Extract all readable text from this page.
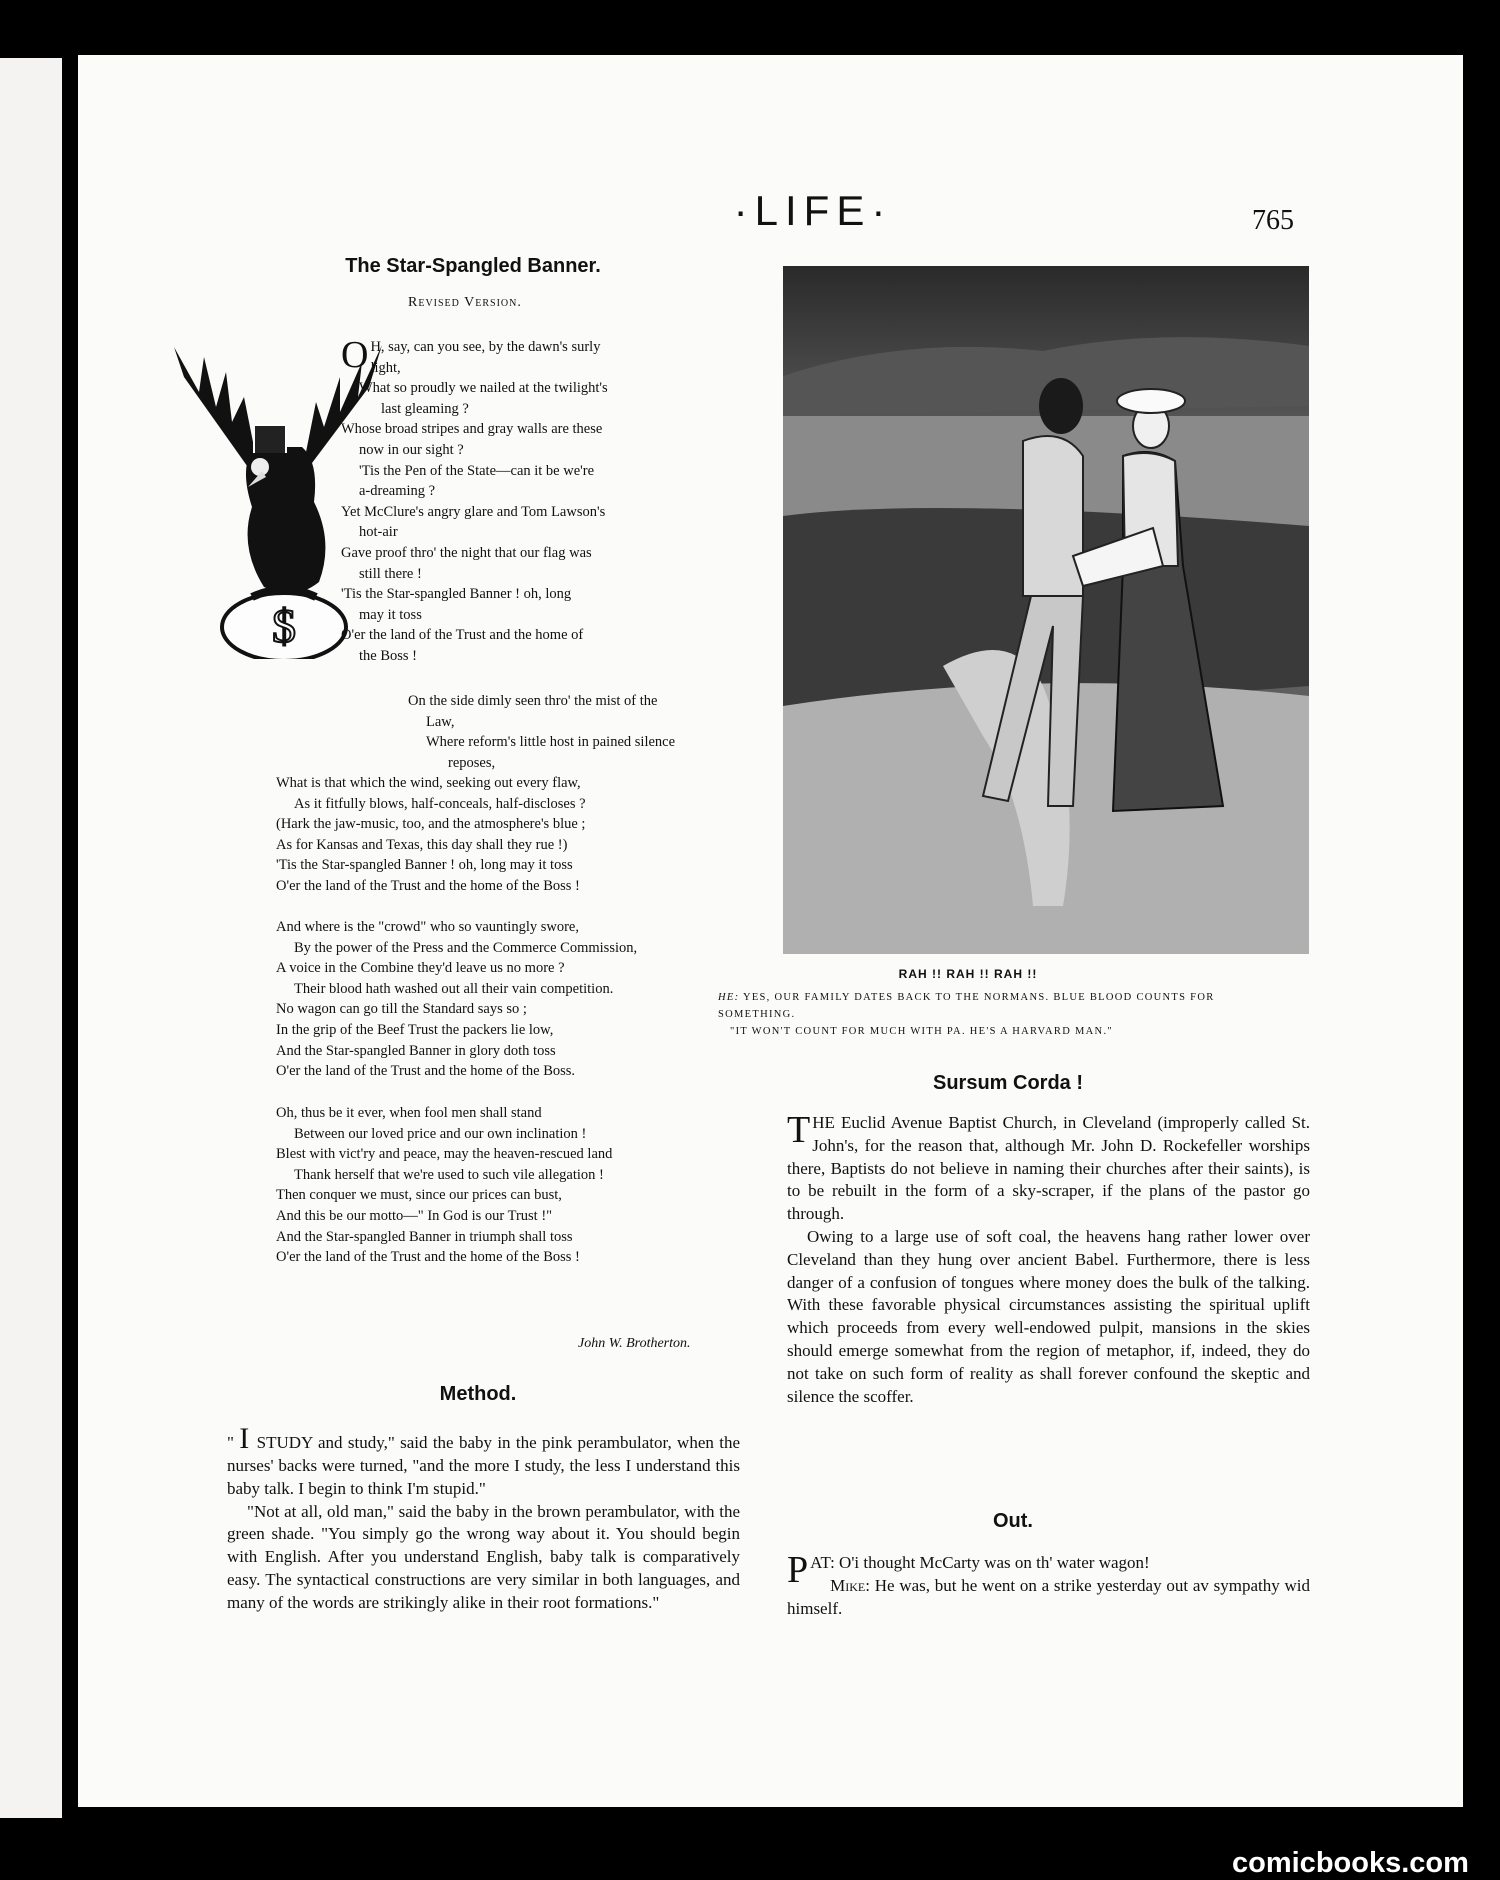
·LIFE·	765
The Star-Spangled Banner.
Revised Version.
$
O H, say, can you see, by the dawn's surly
light,
What so proudly we nailed at the twilight's
last gleaming ?
Whose broad stripes and gray walls are these
now in our sight ?
'Tis the Pen of the State—can it be we're
a-dreaming ?
Yet McClure's angry glare and Tom Lawson's
hot-air
Gave proof thro' the night that our flag was
still there !
'Tis the Star-spangled Banner ! oh, long
may it toss
O'er the land of the Trust and the home of
the Boss !
On the side dimly seen thro' the mist of the
Law,
Where reform's little host in pained silence
reposes,
What is that which the wind, seeking out every flaw,
As it fitfully blows, half-conceals, half-discloses ?
(Hark the jaw-music, too, and the atmosphere's blue ;
As for Kansas and Texas, this day shall they rue !)
'Tis the Star-spangled Banner ! oh, long may it toss
O'er the land of the Trust and the home of the Boss !
And where is the "crowd" who so vauntingly swore,
By the power of the Press and the Commerce Commission,
A voice in the Combine they'd leave us no more ?
Their blood hath washed out all their vain competition.
No wagon can go till the Standard says so ;
In the grip of the Beef Trust the packers lie low,
And the Star-spangled Banner in glory doth toss
O'er the land of the Trust and the home of the Boss.
Oh, thus be it ever, when fool men shall stand
Between our loved price and our own inclination !
Blest with vict'ry and peace, may the heaven-rescued land
Thank herself that we're used to such vile allegation !
Then conquer we must, since our prices can bust,
And this be our motto—" In God is our Trust !"
And the Star-spangled Banner in triumph shall toss
O'er the land of the Trust and the home of the Boss !
John W. Brotherton.
Method.

" I STUDY and study," said the baby in the pink perambulator, when the nurses' backs were turned, "and the more I study, the less I understand this baby talk. I begin to think I'm stupid."

"Not at all, old man," said the baby in the brown perambulator, with the green shade. "You simply go the wrong way about it. You should begin with English. After you understand English, baby talk is comparatively easy. The syntactical constructions are very similar in both languages, and many of the words are strikingly alike in their root formations."

RAH !! RAH !! RAH !!
HE: YES, OUR FAMILY DATES BACK TO THE NORMANS. BLUE BLOOD COUNTS FOR SOMETHING.
"IT WON'T COUNT FOR MUCH WITH PA. HE'S A HARVARD MAN."
Sursum Corda !

THE Euclid Avenue Baptist Church, in Cleveland (improperly called St. John's, for the reason that, although Mr. John D. Rockefeller worships there, Baptists do not believe in naming their churches after their saints), is to be rebuilt in the form of a sky-scraper, if the plans of the pastor go through.

Owing to a large use of soft coal, the heavens hang rather lower over Cleveland than they hung over ancient Babel. Furthermore, there is less danger of a confusion of tongues where money does the bulk of the talking. With these favorable physical circumstances assisting the spiritual uplift which proceeds from every well-endowed pulpit, mansions in the skies should emerge somewhat from the region of metaphor, if, indeed, they do not take on such form of reality as shall forever confound the skeptic and silence the scoffer.

Out.

PAT: O'i thought McCarty was on th' water wagon!

Mike: He was, but he went on a strike yesterday out av sympathy wid himself.

comicbooks.com
